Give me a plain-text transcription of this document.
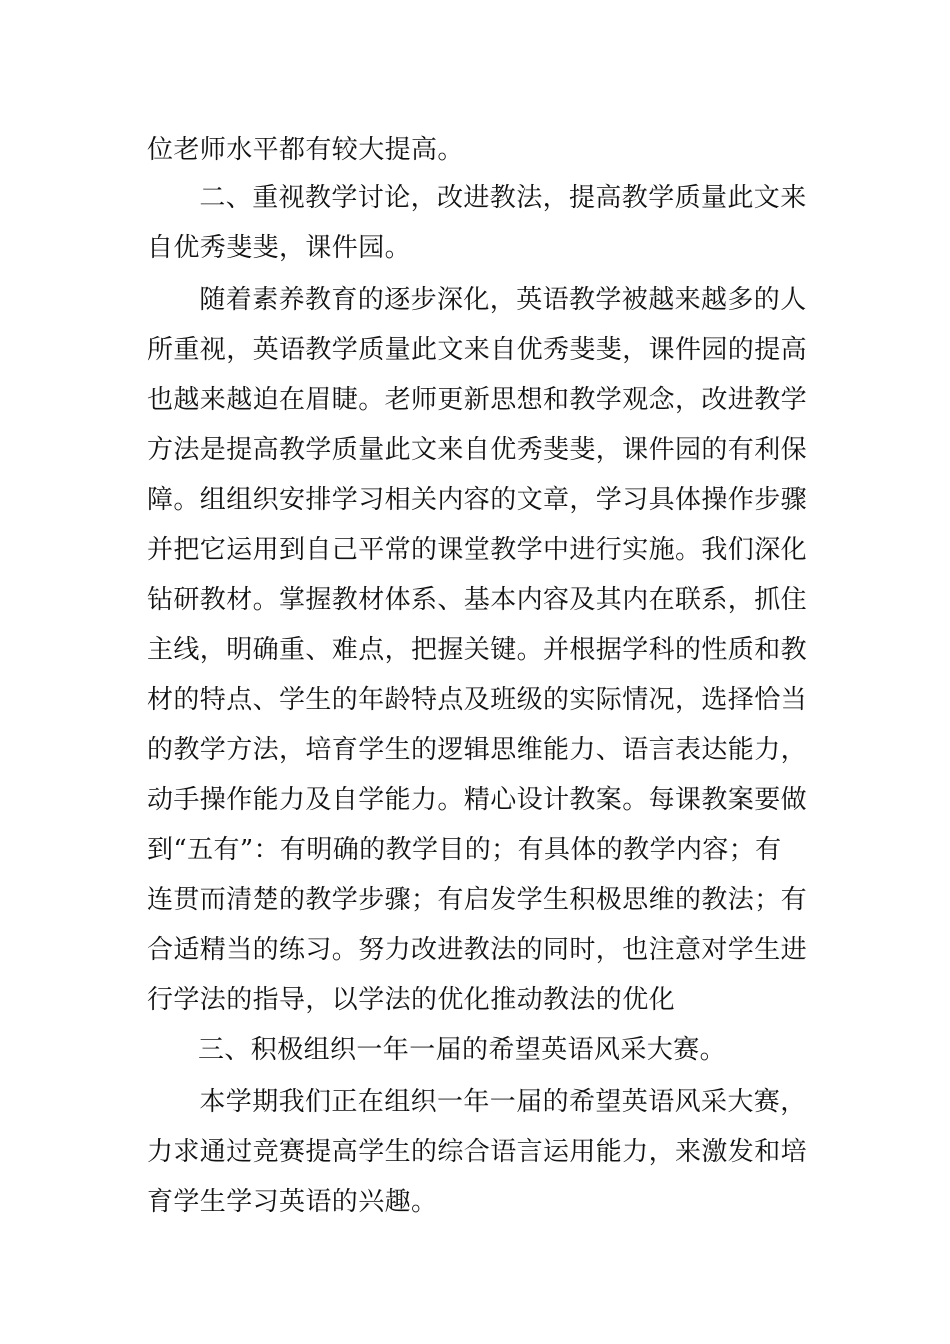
位老师水平都有较大提高。
　二、重视教学讨论，改进教法，提高教学质量此文来
自优秀斐斐，课件园。
　随着素养教育的逐步深化，英语教学被越来越多的人
所重视，英语教学质量此文来自优秀斐斐，课件园的提高
也越来越迫在眉睫。老师更新思想和教学观念，改进教学
方法是提高教学质量此文来自优秀斐斐，课件园的有利保
障。组组织安排学习相关内容的文章，学习具体操作步骤
并把它运用到自己平常的课堂教学中进行实施。我们深化
钻研教材。掌握教材体系、基本内容及其内在联系，抓住
主线，明确重、难点，把握关键。并根据学科的性质和教
材的特点、学生的年龄特点及班级的实际情况，选择恰当
的教学方法，培育学生的逻辑思维能力、语言表达能力，
动手操作能力及自学能力。精心设计教案。每课教案要做
到“五有”：有明确的教学目的；有具体的教学内容；有
连贯而清楚的教学步骤；有启发学生积极思维的教法；有
合适精当的练习。努力改进教法的同时，也注意对学生进
行学法的指导，以学法的优化推动教法的优化
三、积极组织一年一届的希望英语风采大赛。
　本学期我们正在组织一年一届的希望英语风采大赛，
力求通过竞赛提高学生的综合语言运用能力，来激发和培
育学生学习英语的兴趣。
